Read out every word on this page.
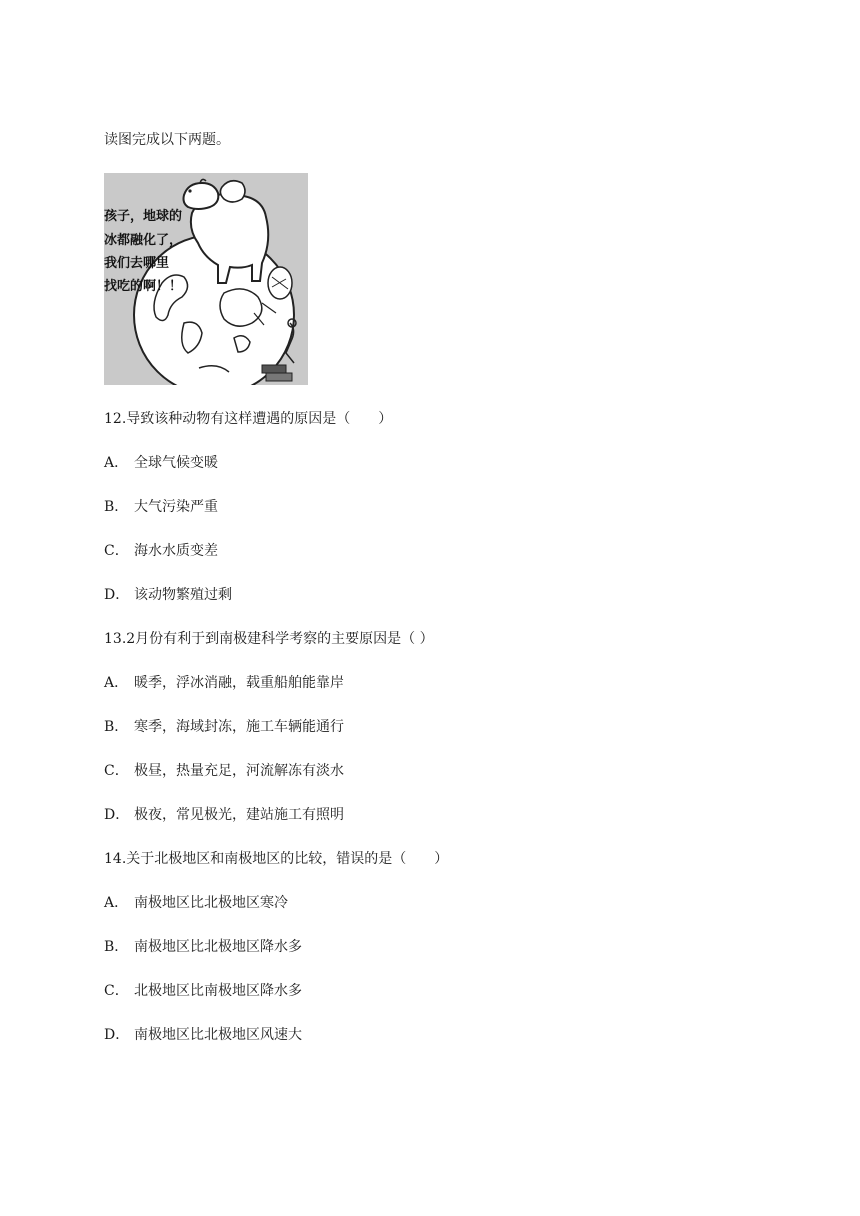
读图完成以下两题。
孩子，地球的
冰都融化了，
我们去哪里
找吃的啊！！
12.导致该种动物有这样遭遇的原因是（　　）
A． 全球气候变暖
B． 大气污染严重
C． 海水水质变差
D． 该动物繁殖过剩
13.2月份有利于到南极建科学考察的主要原因是（ ）
A． 暖季，浮冰消融，载重船舶能靠岸
B． 寒季，海域封冻，施工车辆能通行
C． 极昼，热量充足，河流解冻有淡水
D． 极夜，常见极光，建站施工有照明
14.关于北极地区和南极地区的比较，错误的是（　　）
A． 南极地区比北极地区寒冷
B． 南极地区比北极地区降水多
C． 北极地区比南极地区降水多
D． 南极地区比北极地区风速大
